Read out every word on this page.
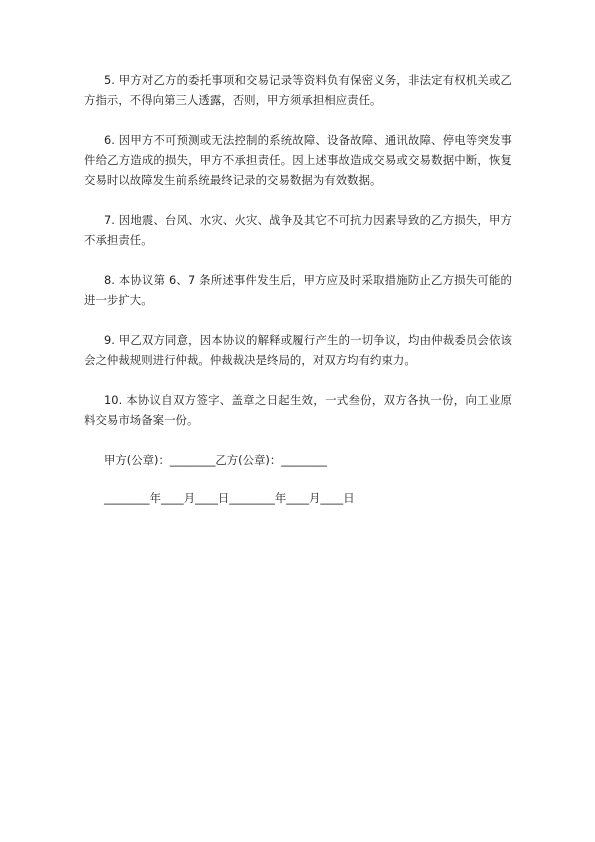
5. 甲方对乙方的委托事项和交易记录等资料负有保密义务，非法定有权机关或乙方指示，不得向第三人透露，否则，甲方须承担相应责任。

6. 因甲方不可预测或无法控制的系统故障、设备故障、通讯故障、停电等突发事件给乙方造成的损失，甲方不承担责任。因上述事故造成交易或交易数据中断，恢复交易时以故障发生前系统最终记录的交易数据为有效数据。

7. 因地震、台风、水灾、火灾、战争及其它不可抗力因素导致的乙方损失，甲方不承担责任。

8. 本协议第 6、7 条所述事件发生后，甲方应及时采取措施防止乙方损失可能的进一步扩大。

9. 甲乙双方同意，因本协议的解释或履行产生的一切争议，均由仲裁委员会依该会之仲裁规则进行仲裁。仲裁裁决是终局的，对双方均有约束力。

10. 本协议自双方签字、盖章之日起生效，一式叁份，双方各执一份，向工业原料交易市场备案一份。

甲方(公章)：________乙方(公章)：________
________年____月____日________年____月____日
